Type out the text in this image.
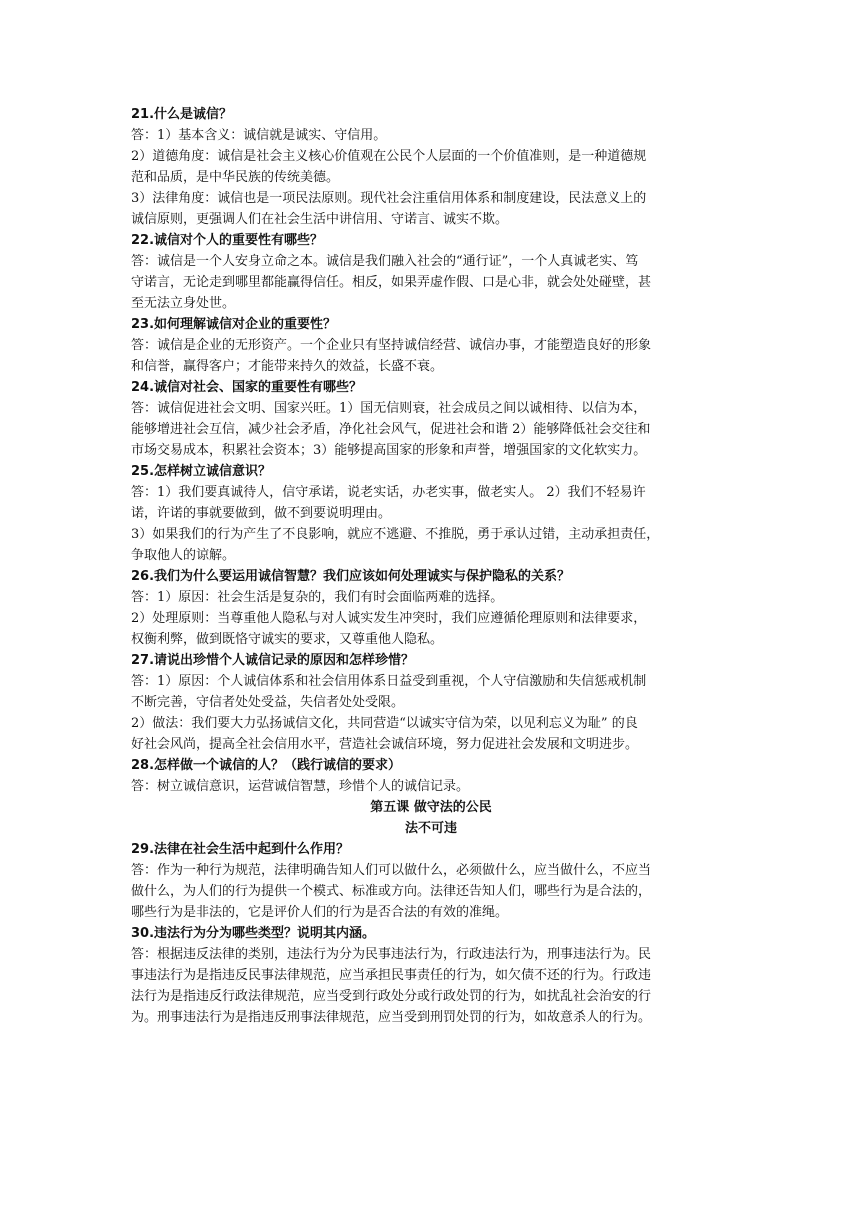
21.什么是诚信？
答：1）基本含义：诚信就是诚实、守信用。
2）道德角度：诚信是社会主义核心价值观在公民个人层面的一个价值准则，是一种道德规
范和品质，是中华民族的传统美德。
3）法律角度：诚信也是一项民法原则。现代社会注重信用体系和制度建设，民法意义上的
诚信原则，更强调人们在社会生活中讲信用、守诺言、诚实不欺。
22.诚信对个人的重要性有哪些？
答：诚信是一个人安身立命之本。诚信是我们融入社会的“通行证”，一个人真诚老实、笃
守诺言，无论走到哪里都能赢得信任。相反，如果弄虚作假、口是心非，就会处处碰壁，甚
至无法立身处世。
23.如何理解诚信对企业的重要性？
答：诚信是企业的无形资产。一个企业只有坚持诚信经营、诚信办事，才能塑造良好的形象
和信誉，赢得客户；才能带来持久的效益，长盛不衰。
24.诚信对社会、国家的重要性有哪些？
答：诚信促进社会文明、国家兴旺。1）国无信则衰，社会成员之间以诚相待、以信为本，
能够增进社会互信，减少社会矛盾，净化社会风气，促进社会和谐 2）能够降低社会交往和
市场交易成本，积累社会资本；3）能够提高国家的形象和声誉，增强国家的文化软实力。
25.怎样树立诚信意识？
答：1）我们要真诚待人，信守承诺，说老实话，办老实事，做老实人。 2）我们不轻易许
诺，许诺的事就要做到，做不到要说明理由。
3）如果我们的行为产生了不良影响，就应不逃避、不推脱，勇于承认过错，主动承担责任，
争取他人的谅解。
26.我们为什么要运用诚信智慧？我们应该如何处理诚实与保护隐私的关系？
答：1）原因：社会生活是复杂的，我们有时会面临两难的选择。
2）处理原则：当尊重他人隐私与对人诚实发生冲突时，我们应遵循伦理原则和法律要求，
权衡利弊，做到既恪守诚实的要求，又尊重他人隐私。
27.请说出珍惜个人诚信记录的原因和怎样珍惜？
答：1）原因：个人诚信体系和社会信用体系日益受到重视，个人守信激励和失信惩戒机制
不断完善，守信者处处受益，失信者处处受限。
2）做法：我们要大力弘扬诚信文化，共同营造“以诚实守信为荣，以见利忘义为耻” 的良
好社会风尚，提高全社会信用水平，营造社会诚信环境，努力促进社会发展和文明进步。
28.怎样做一个诚信的人？（践行诚信的要求）
答：树立诚信意识，运营诚信智慧，珍惜个人的诚信记录。
第五课 做守法的公民
法不可违
29.法律在社会生活中起到什么作用？
答：作为一种行为规范，法律明确告知人们可以做什么，必须做什么，应当做什么，不应当
做什么，为人们的行为提供一个模式、标准或方向。法律还告知人们，哪些行为是合法的，
哪些行为是非法的，它是评价人们的行为是否合法的有效的准绳。
30.违法行为分为哪些类型？说明其内涵。
答：根据违反法律的类别，违法行为分为民事违法行为，行政违法行为，刑事违法行为。民
事违法行为是指违反民事法律规范，应当承担民事责任的行为，如欠债不还的行为。行政违
法行为是指违反行政法律规范，应当受到行政处分或行政处罚的行为，如扰乱社会治安的行
为。刑事违法行为是指违反刑事法律规范，应当受到刑罚处罚的行为，如故意杀人的行为。
